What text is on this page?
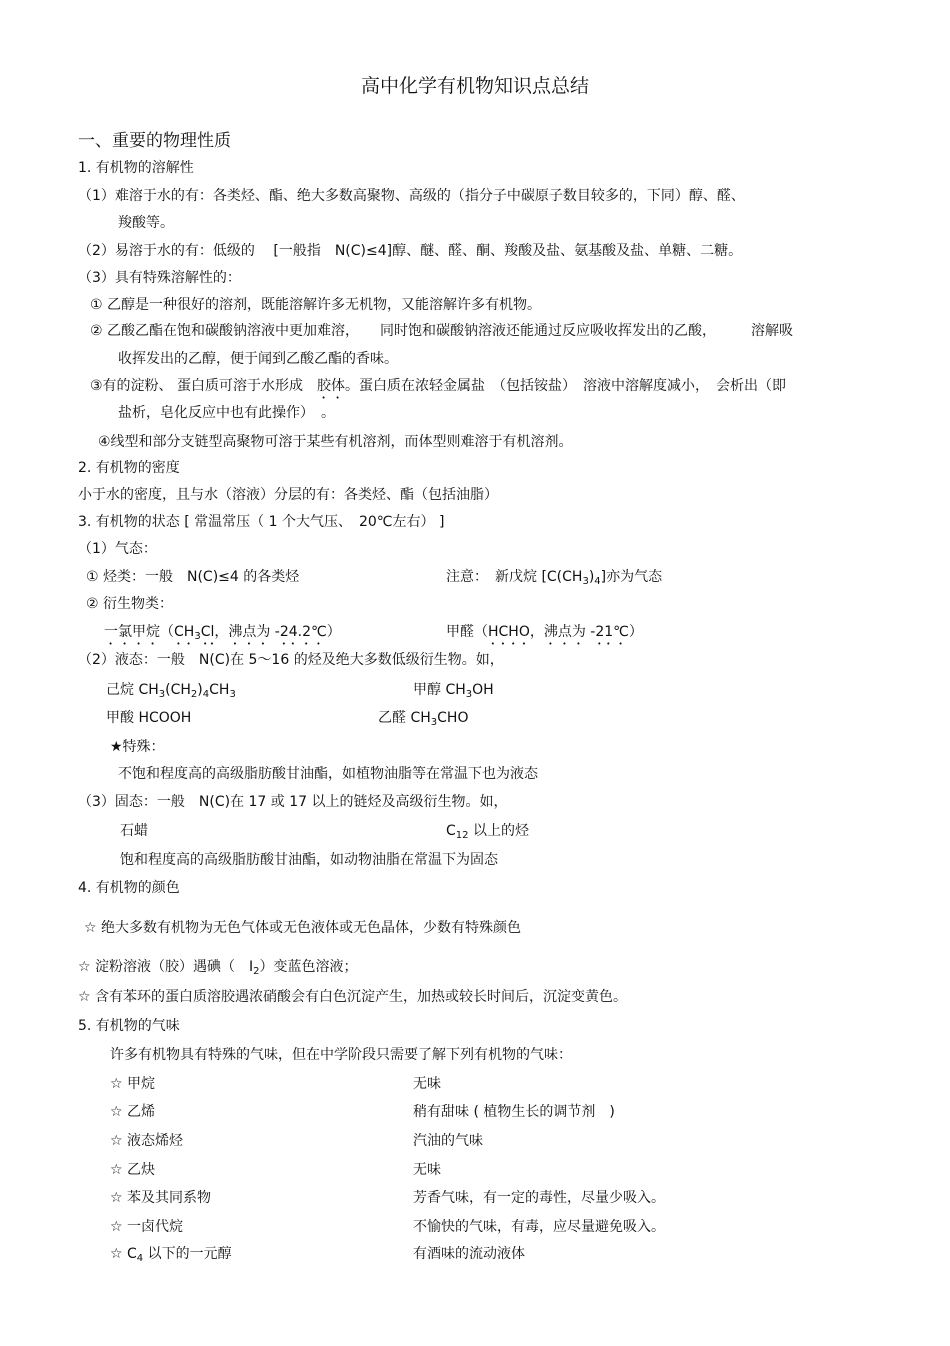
高中化学有机物知识点总结
一、重要的物理性质
1. 有机物的溶解性
（1）难溶于水的有：各类烃、酯、绝大多数高聚物、高级的（指分子中碳原子数目较多的，下同）醇、醛、
羧酸等。
（2）易溶于水的有：低级的　 [一般指　N(C)≤4]醇、醚、醛、酮、羧酸及盐、氨基酸及盐、单糖、二糖。
（3）具有特殊溶解性的：
① 乙醇是一种很好的溶剂，既能溶解许多无机物，又能溶解许多有机物。
② 乙酸乙酯在饱和碳酸钠溶液中更加难溶，　　同时饱和碳酸钠溶液还能通过反应吸收挥发出的乙酸，　　　溶解吸
收挥发出的乙醇，便于闻到乙酸乙酯的香味。
③有的淀粉、 蛋白质可溶于水形成　胶体。蛋白质在浓轻金属盐　（包括铵盐）　溶液中溶解度减小，　会析出（即
盐析，皂化反应中也有此操作）　。
④线型和部分支链型高聚物可溶于某些有机溶剂，而体型则难溶于有机溶剂。
2. 有机物的密度
小于水的密度，且与水（溶液）分层的有：各类烃、酯（包括油脂）
3. 有机物的状态 [ 常温常压（ 1 个大气压、　20℃左右） ]
（1）气态：
① 烃类：一般　N(C)≤4 的各类烃	注意：　新戊烷 $[C(CH_3)_4]$亦为气态
② 衍生物类：
一氯甲烷（$CH_3Cl$，沸点为 -24.2℃）	甲醛（HCHO，沸点为 -21℃）
（2）液态：一般　N(C)在 5～16 的烃及绝大多数低级衍生物。如，
己烷 $CH_3(CH_2)_4CH_3$	甲醇 $CH_3OH$
甲酸 HCOOH	乙醛 $CH_3CHO$
★特殊：
不饱和程度高的高级脂肪酸甘油酯，如植物油脂等在常温下也为液态
（3）固态：一般　N(C)在 17 或 17 以上的链烃及高级衍生物。如，
石蜡	$C_{12}$ 以上的烃
饱和程度高的高级脂肪酸甘油酯，如动物油脂在常温下为固态
4. 有机物的颜色
☆ 绝大多数有机物为无色气体或无色液体或无色晶体，少数有特殊颜色
☆ 淀粉溶液（胶）遇碘（　$I_2$）变蓝色溶液；
☆ 含有苯环的蛋白质溶胶遇浓硝酸会有白色沉淀产生，加热或较长时间后，沉淀变黄色。
5. 有机物的气味
许多有机物具有特殊的气味，但在中学阶段只需要了解下列有机物的气味：
☆ 甲烷	无味
☆ 乙烯	稍有甜味 ( 植物生长的调节剂　)
☆ 液态烯烃	汽油的气味
☆ 乙炔	无味
☆ 苯及其同系物	芳香气味，有一定的毒性，尽量少吸入。
☆ 一卤代烷	不愉快的气味，有毒，应尽量避免吸入。
☆ $C_4$ 以下的一元醇	有酒味的流动液体
